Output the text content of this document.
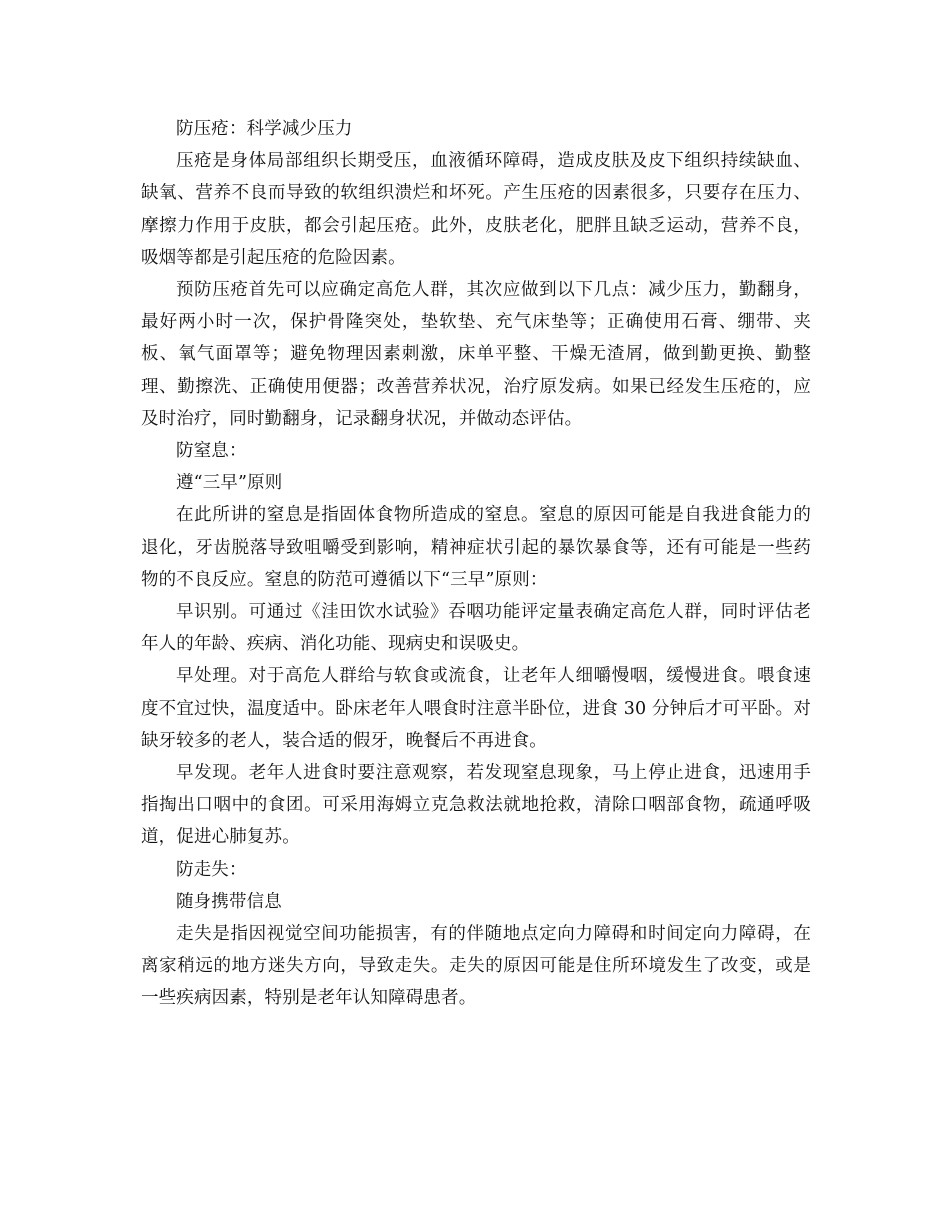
防压疮：科学减少压力

压疮是身体局部组织长期受压，血液循环障碍，造成皮肤及皮下组织持续缺血、缺氧、营养不良而导致的软组织溃烂和坏死。产生压疮的因素很多，只要存在压力、摩擦力作用于皮肤，都会引起压疮。此外，皮肤老化，肥胖且缺乏运动，营养不良，吸烟等都是引起压疮的危险因素。

预防压疮首先可以应确定高危人群，其次应做到以下几点：减少压力，勤翻身，最好两小时一次，保护骨隆突处，垫软垫、充气床垫等；正确使用石膏、绷带、夹板、氧气面罩等；避免物理因素刺激，床单平整、干燥无渣屑，做到勤更换、勤整理、勤擦洗、正确使用便器；改善营养状况，治疗原发病。如果已经发生压疮的，应及时治疗，同时勤翻身，记录翻身状况，并做动态评估。

防窒息：

遵“三早”原则

在此所讲的窒息是指固体食物所造成的窒息。窒息的原因可能是自我进食能力的退化，牙齿脱落导致咀嚼受到影响，精神症状引起的暴饮暴食等，还有可能是一些药物的不良反应。窒息的防范可遵循以下“三早”原则：

早识别。可通过《洼田饮水试验》吞咽功能评定量表确定高危人群，同时评估老年人的年龄、疾病、消化功能、现病史和误吸史。

早处理。对于高危人群给与软食或流食，让老年人细嚼慢咽，缓慢进食。喂食速度不宜过快，温度适中。卧床老年人喂食时注意半卧位，进食 30 分钟后才可平卧。对缺牙较多的老人，装合适的假牙，晚餐后不再进食。

早发现。老年人进食时要注意观察，若发现窒息现象，马上停止进食，迅速用手指掏出口咽中的食团。可采用海姆立克急救法就地抢救，清除口咽部食物，疏通呼吸道，促进心肺复苏。

防走失：

随身携带信息

走失是指因视觉空间功能损害，有的伴随地点定向力障碍和时间定向力障碍，在离家稍远的地方迷失方向，导致走失。走失的原因可能是住所环境发生了改变，或是一些疾病因素，特别是老年认知障碍患者。
